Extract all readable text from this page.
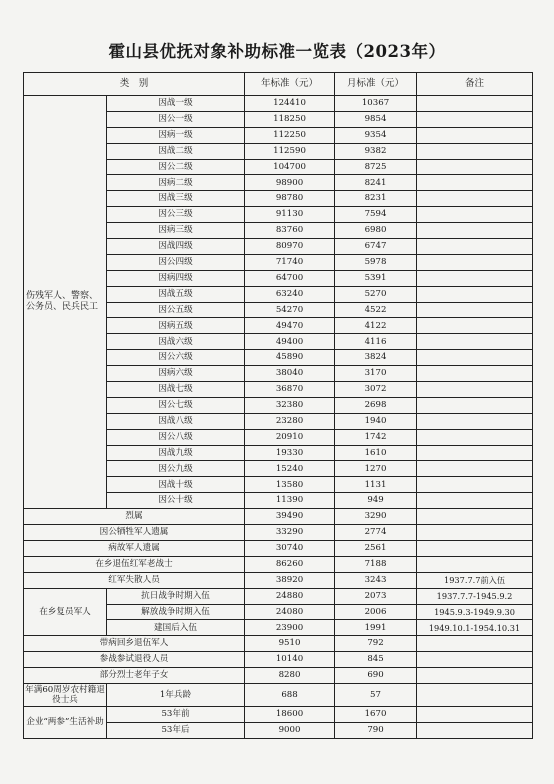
霍山县优抚对象补助标准一览表（2023年）
类　别		年标准（元）	月标准（元）	备注
伤残军人、警察、公务员、民兵民工	因战一级	124410	10367	
	因公一级	118250	9854	
	因病一级	112250	9354	
	因战二级	112590	9382	
	因公二级	104700	8725	
	因病二级	98900	8241	
	因战三级	98780	8231	
	因公三级	91130	7594	
	因病三级	83760	6980	
	因战四级	80970	6747	
	因公四级	71740	5978	
	因病四级	64700	5391	
	因战五级	63240	5270	
	因公五级	54270	4522	
	因病五级	49470	4122	
	因战六级	49400	4116	
	因公六级	45890	3824	
	因病六级	38040	3170	
	因战七级	36870	3072	
	因公七级	32380	2698	
	因战八级	23280	1940	
	因公八级	20910	1742	
	因战九级	19330	1610	
	因公九级	15240	1270	
	因战十级	13580	1131	
	因公十级	11390	949	
烈属		39490	3290	
因公牺牲军人遗属		33290	2774	
病故军人遗属		30740	2561	
在乡退伍红军老战士		86260	7188	
红军失散人员		38920	3243	1937.7.7前入伍
在乡复员军人	抗日战争时期入伍	24880	2073	1937.7.7-1945.9.2
	解放战争时期入伍	24080	2006	1945.9.3-1949.9.30
	建国后入伍	23900	1991	1949.10.1-1954.10.31
带病回乡退伍军人		9510	792	
参战参试退役人员		10140	845	
部分烈士老年子女		8280	690	
年满60周岁农村籍退役士兵	1年兵龄	688	57	
企业“两参”生活补助	53年前	18600	1670	
	53年后	9000	790	
